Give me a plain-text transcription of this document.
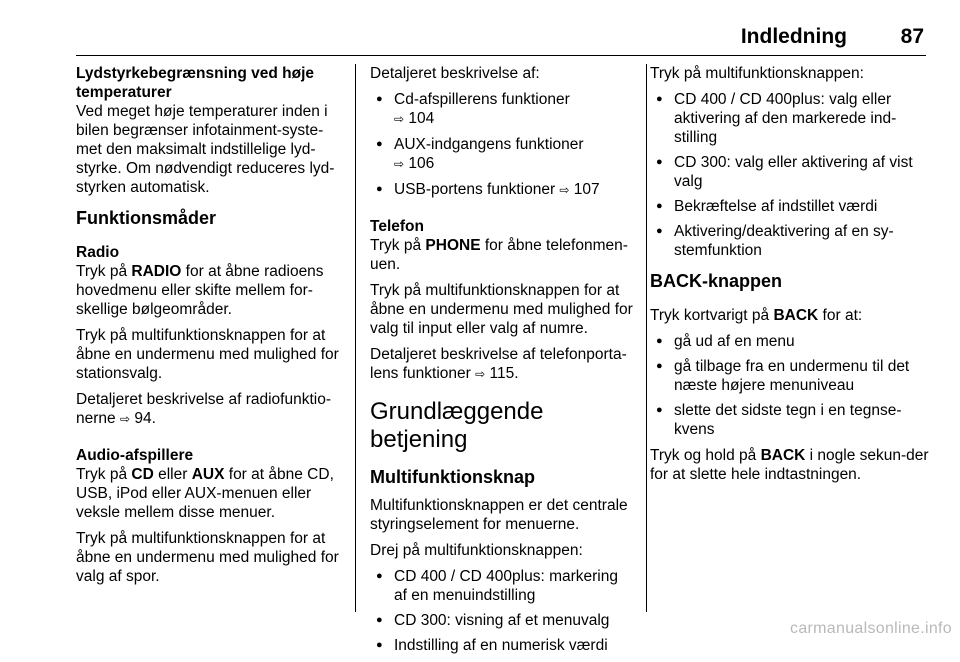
Indledning	87
Lydstyrkebegrænsning ved høje temperaturer

Ved meget høje temperaturer inden i bilen begrænser infotainment-syste-met den maksimalt indstillelige lyd-styrke. Om nødvendigt reduceres lyd-styrken automatisk.

Funktionsmåder
Radio

Tryk på RADIO for at åbne radioens hovedmenu eller skifte mellem for-skellige bølgeområder.

Tryk på multifunktionsknappen for at åbne en undermenu med mulighed for stationsvalg.

Detaljeret beskrivelse af radiofunktio-nerne ⇨ 94.

Audio-afspillere

Tryk på CD eller AUX for at åbne CD, USB, iPod eller AUX-menuen eller veksle mellem disse menuer.

Tryk på multifunktionsknappen for at åbne en undermenu med mulighed for valg af spor.

Detaljeret beskrivelse af:

● Cd-afspillerens funktioner
⇨ 104
● AUX-indgangens funktioner
⇨ 106
● USB-portens funktioner ⇨ 107
Telefon

Tryk på PHONE for åbne telefonmen-uen.

Tryk på multifunktionsknappen for at åbne en undermenu med mulighed for valg til input eller valg af numre.

Detaljeret beskrivelse af telefonporta-lens funktioner ⇨ 115.

Grundlæggende betjening
Multifunktionsknap

Multifunktionsknappen er det centrale styringselement for menuerne.

Drej på multifunktionsknappen:

● CD 400 / CD 400plus: markering af en menuindstilling
● CD 300: visning af et menuvalg
● Indstilling af en numerisk værdi

Tryk på multifunktionsknappen:

● CD 400 / CD 400plus: valg eller aktivering af den markerede ind-stilling
● CD 300: valg eller aktivering af vist valg
● Bekræftelse af indstillet værdi
● Aktivering/deaktivering af en sy-stemfunktion
BACK-knappen

Tryk kortvarigt på BACK for at:

● gå ud af en menu
● gå tilbage fra en undermenu til det næste højere menuniveau
● slette det sidste tegn i en tegnse-kvens

Tryk og hold på BACK i nogle sekun-der for at slette hele indtastningen.

carmanualsonline.info
